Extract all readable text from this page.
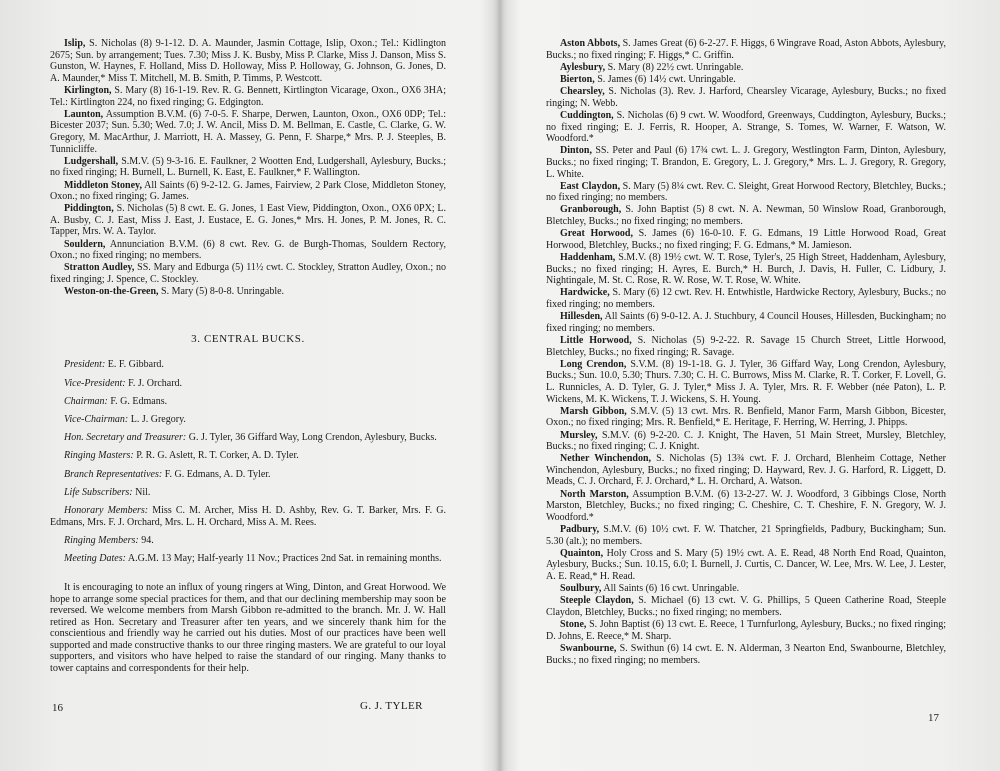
Islip, S. Nicholas (8) 9-1-12. D. A. Maunder, Jasmin Cottage, Islip, Oxon.; Tel.: Kidlington 2675; Sun. by arrangement; Tues. 7.30; Miss J. K. Busby, Miss P. Clarke, Miss J. Danson, Miss S. Gunston, W. Haynes, F. Holland, Miss D. Holloway, Miss P. Holloway, G. Johnson, G. Jones, D. A. Maunder,* Miss T. Mitchell, M. B. Smith, P. Timms, P. Westcott.

Kirlington, S. Mary (8) 16-1-19. Rev. R. G. Bennett, Kirtlington Vicarage, Oxon., OX6 3HA; Tel.: Kirtlington 224, no fixed ringing; G. Edgington.

Launton, Assumption B.V.M. (6) 7-0-5. F. Sharpe, Derwen, Launton, Oxon., OX6 0DP; Tel.: Bicester 2037; Sun. 5.30; Wed. 7.0; J. W. Ancil, Miss D. M. Bellman, E. Castle, C. Clarke, G. W. Gregory, M. MacArthur, J. Marriott, H. A. Massey, G. Penn, F. Sharpe,* Mrs. P. J. Steeples, B. Tunnicliffe.

Ludgershall, S.M.V. (5) 9-3-16. E. Faulkner, 2 Wootten End, Ludgershall, Aylesbury, Bucks.; no fixed ringing; H. Burnell, L. Burnell, K. East, E. Faulkner,* F. Wallington.

Middleton Stoney, All Saints (6) 9-2-12. G. James, Fairview, 2 Park Close, Middleton Stoney, Oxon.; no fixed ringing; G. James.

Piddington, S. Nicholas (5) 8 cwt. E. G. Jones, 1 East View, Piddington, Oxon., OX6 0PX; L. A. Busby, C. J. East, Miss J. East, J. Eustace, E. G. Jones,* Mrs. H. Jones, P. M. Jones, R. C. Tapper, Mrs. W. A. Taylor.

Souldern, Annunciation B.V.M. (6) 8 cwt. Rev. G. de Burgh-Thomas, Souldern Rectory, Oxon.; no fixed ringing; no members.

Stratton Audley, SS. Mary and Edburga (5) 11½ cwt. C. Stockley, Stratton Audley, Oxon.; no fixed ringing; J. Spence, C. Stockley.

Weston-on-the-Green, S. Mary (5) 8-0-8. Unringable.

3. CENTRAL BUCKS.

President: E. F. Gibbard.

Vice-President: F. J. Orchard.

Chairman: F. G. Edmans.

Vice-Chairman: L. J. Gregory.

Hon. Secretary and Treasurer: G. J. Tyler, 36 Giffard Way, Long Crendon, Aylesbury, Bucks.

Ringing Masters: P. R. G. Aslett, R. T. Corker, A. D. Tyler.

Branch Representatives: F. G. Edmans, A. D. Tyler.

Life Subscribers: Nil.

Honorary Members: Miss C. M. Archer, Miss H. D. Ashby, Rev. G. T. Barker, Mrs. F. G. Edmans, Mrs. F. J. Orchard, Mrs. L. H. Orchard, Miss A. M. Rees.

Ringing Members: 94.

Meeting Dates: A.G.M. 13 May; Half-yearly 11 Nov.; Practices 2nd Sat. in remaining months.

It is encouraging to note an influx of young ringers at Wing, Dinton, and Great Horwood. We hope to arrange some special practices for them, and that our declining membership may soon be reversed. We welcome members from Marsh Gibbon re-admitted to the branch. Mr. J. W. Hall retired as Hon. Secretary and Treasurer after ten years, and we sincerely thank him for the conscientious and friendly way he carried out his duties. Most of our practices have been well supported and made constructive thanks to our three ringing masters. We are grateful to our loyal supporters, and visitors who have helped to raise the standard of our ringing. Many thanks to tower captains and correspondents for their help.
16	G. J. TYLER

Aston Abbots, S. James Great (6) 6-2-27. F. Higgs, 6 Wingrave Road, Aston Abbots, Aylesbury, Bucks.; no fixed ringing; F. Higgs,* C. Griffin.

Aylesbury, S. Mary (8) 22½ cwt. Unringable.

Bierton, S. James (6) 14½ cwt. Unringable.

Chearsley, S. Nicholas (3). Rev. J. Harford, Chearsley Vicarage, Aylesbury, Bucks.; no fixed ringing; N. Webb.

Cuddington, S. Nicholas (6) 9 cwt. W. Woodford, Greenways, Cuddington, Aylesbury, Bucks.; no fixed ringing; E. J. Ferris, R. Hooper, A. Strange, S. Tomes, W. Warner, F. Watson, W. Woodford.*

Dinton, SS. Peter and Paul (6) 17¾ cwt. L. J. Gregory, Westlington Farm, Dinton, Aylesbury, Bucks.; no fixed ringing; T. Brandon, E. Gregory, L. J. Gregory,* Mrs. L. J. Gregory, R. Gregory, L. White.

East Claydon, S. Mary (5) 8¼ cwt. Rev. C. Sleight, Great Horwood Rectory, Bletchley, Bucks.; no fixed ringing; no members.

Granborough, S. John Baptist (5) 8 cwt. N. A. Newman, 50 Winslow Road, Granborough, Bletchley, Bucks.; no fixed ringing; no members.

Great Horwood, S. James (6) 16-0-10. F. G. Edmans, 19 Little Horwood Road, Great Horwood, Bletchley, Bucks.; no fixed ringing; F. G. Edmans,* M. Jamieson.

Haddenham, S.M.V. (8) 19½ cwt. W. T. Rose, Tyler's, 25 High Street, Haddenham, Aylesbury, Bucks.; no fixed ringing; H. Ayres, E. Burch,* H. Burch, J. Davis, H. Fuller, C. Lidbury, J. Nightingale, M. St. C. Rose, R. W. Rose, W. T. Rose, W. White.

Hardwicke, S. Mary (6) 12 cwt. Rev. H. Entwhistle, Hardwicke Rectory, Aylesbury, Bucks.; no fixed ringing; no members.

Hillesden, All Saints (6) 9-0-12. A. J. Stuchbury, 4 Council Houses, Hillesden, Buckingham; no fixed ringing; no members.

Little Horwood, S. Nicholas (5) 9-2-22. R. Savage 15 Church Street, Little Horwood, Bletchley, Bucks.; no fixed ringing; R. Savage.

Long Crendon, S.V.M. (8) 19-1-18. G. J. Tyler, 36 Giffard Way, Long Crendon, Aylesbury, Bucks.; Sun. 10.0, 5.30; Thurs. 7.30; C. H. C. Burrows, Miss M. Clarke, R. T. Corker, F. Lovell, G. L. Runnicles, A. D. Tyler, G. J. Tyler,* Miss J. A. Tyler, Mrs. R. F. Webber (née Paton), L. P. Wickens, M. K. Wickens, T. J. Wickens, S. H. Young.

Marsh Gibbon, S.M.V. (5) 13 cwt. Mrs. R. Benfield, Manor Farm, Marsh Gibbon, Bicester, Oxon.; no fixed ringing; Mrs. R. Benfield,* E. Heritage, F. Herring, W. Herring, J. Phipps.

Mursley, S.M.V. (6) 9-2-20. C. J. Knight, The Haven, 51 Main Street, Mursley, Bletchley, Bucks.; no fixed ringing; C. J. Knight.

Nether Winchendon, S. Nicholas (5) 13¾ cwt. F. J. Orchard, Blenheim Cottage, Nether Winchendon, Aylesbury, Bucks.; no fixed ringing; D. Hayward, Rev. J. G. Harford, R. Liggett, D. Meads, C. J. Orchard, F. J. Orchard,* L. H. Orchard, A. Watson.

North Marston, Assumption B.V.M. (6) 13-2-27. W. J. Woodford, 3 Gibbings Close, North Marston, Bletchley, Bucks.; no fixed ringing; C. Cheshire, C. T. Cheshire, F. N. Gregory, W. J. Woodford.*

Padbury, S.M.V. (6) 10½ cwt. F. W. Thatcher, 21 Springfields, Padbury, Buckingham; Sun. 5.30 (alt.); no members.

Quainton, Holy Cross and S. Mary (5) 19½ cwt. A. E. Read, 48 North End Road, Quainton, Aylesbury, Bucks.; Sun. 10.15, 6.0; I. Burnell, J. Curtis, C. Dancer, W. Lee, Mrs. W. Lee, J. Lester, A. E. Read,* H. Read.

Soulbury, All Saints (6) 16 cwt. Unringable.

Steeple Claydon, S. Michael (6) 13 cwt. V. G. Phillips, 5 Queen Catherine Road, Steeple Claydon, Bletchley, Bucks.; no fixed ringing; no members.

Stone, S. John Baptist (6) 13 cwt. E. Reece, 1 Turnfurlong, Aylesbury, Bucks.; no fixed ringing; D. Johns, E. Reece,* M. Sharp.

Swanbourne, S. Swithun (6) 14 cwt. E. N. Alderman, 3 Nearton End, Swanbourne, Bletchley, Bucks.; no fixed ringing; no members.

17
